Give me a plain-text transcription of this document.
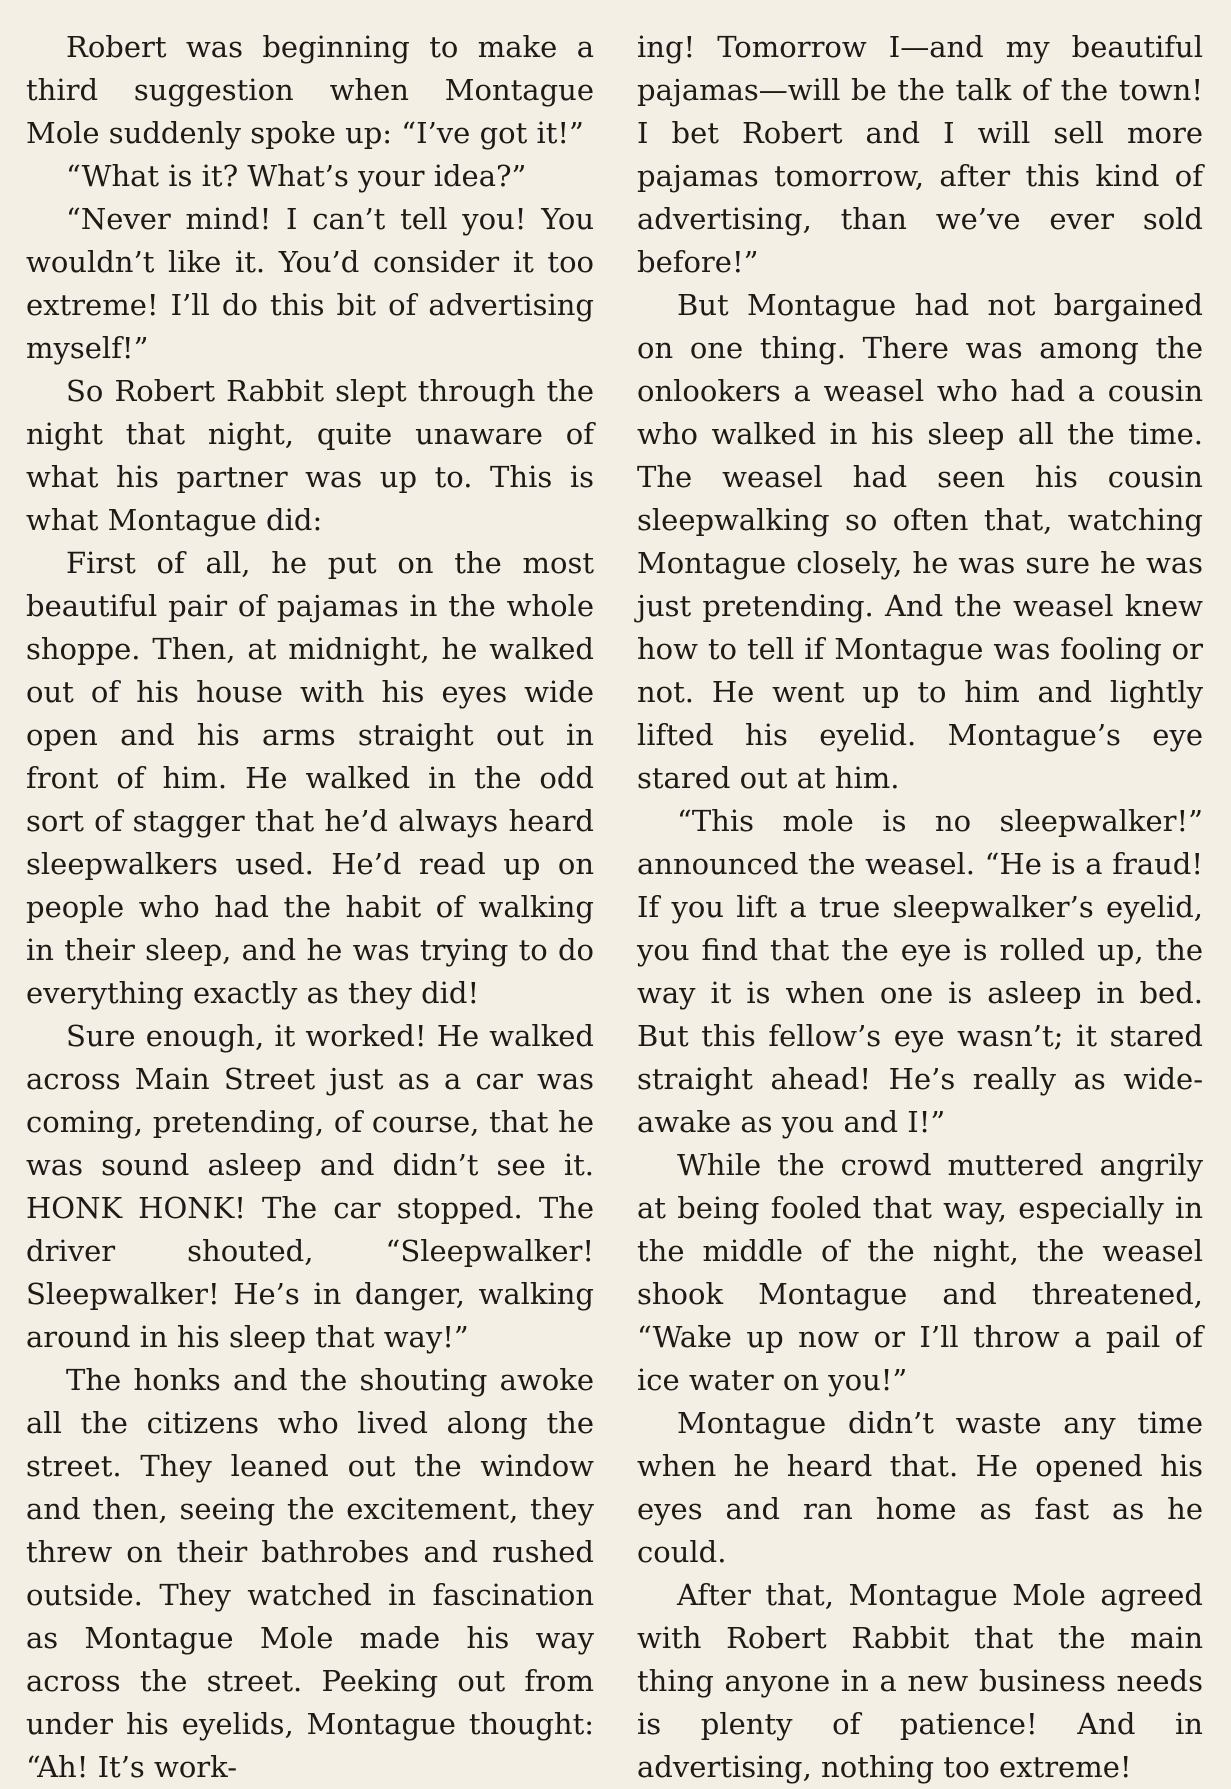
Robert was beginning to make a third suggestion when Montague Mole suddenly spoke up: “I’ve got it!”

“What is it? What’s your idea?”

“Never mind! I can’t tell you! You wouldn’t like it. You’d consider it too extreme! I’ll do this bit of advertising myself!”

So Robert Rabbit slept through the night that night, quite unaware of what his partner was up to. This is what Montague did:

First of all, he put on the most beautiful pair of pajamas in the whole shoppe. Then, at midnight, he walked out of his house with his eyes wide open and his arms straight out in front of him. He walked in the odd sort of stagger that he’d always heard sleepwalkers used. He’d read up on people who had the habit of walking in their sleep, and he was trying to do everything exactly as they did!

Sure enough, it worked! He walked across Main Street just as a car was coming, pretending, of course, that he was sound asleep and didn’t see it. HONK HONK! The car stopped. The driver shouted, “Sleepwalker! Sleepwalker! He’s in danger, walking around in his sleep that way!”

The honks and the shouting awoke all the citizens who lived along the street. They leaned out the window and then, seeing the excitement, they threw on their bathrobes and rushed outside. They watched in fascination as Montague Mole made his way across the street. Peeking out from under his eyelids, Montague thought: “Ah! It’s work-

ing! Tomorrow I—and my beautiful pajamas—will be the talk of the town! I bet Robert and I will sell more pajamas tomorrow, after this kind of advertising, than we’ve ever sold before!”

But Montague had not bargained on one thing. There was among the onlookers a weasel who had a cousin who walked in his sleep all the time. The weasel had seen his cousin sleepwalking so often that, watching Montague closely, he was sure he was just pretending. And the weasel knew how to tell if Montague was fooling or not. He went up to him and lightly lifted his eyelid. Montague’s eye stared out at him.

“This mole is no sleepwalker!” announced the weasel. “He is a fraud! If you lift a true sleepwalker’s eyelid, you find that the eye is rolled up, the way it is when one is asleep in bed. But this fellow’s eye wasn’t; it stared straight ahead! He’s really as wide-awake as you and I!”

While the crowd muttered angrily at being fooled that way, especially in the middle of the night, the weasel shook Montague and threatened, “Wake up now or I’ll throw a pail of ice water on you!”

Montague didn’t waste any time when he heard that. He opened his eyes and ran home as fast as he could.

After that, Montague Mole agreed with Robert Rabbit that the main thing anyone in a new business needs is plenty of patience! And in advertising, nothing too extreme!
